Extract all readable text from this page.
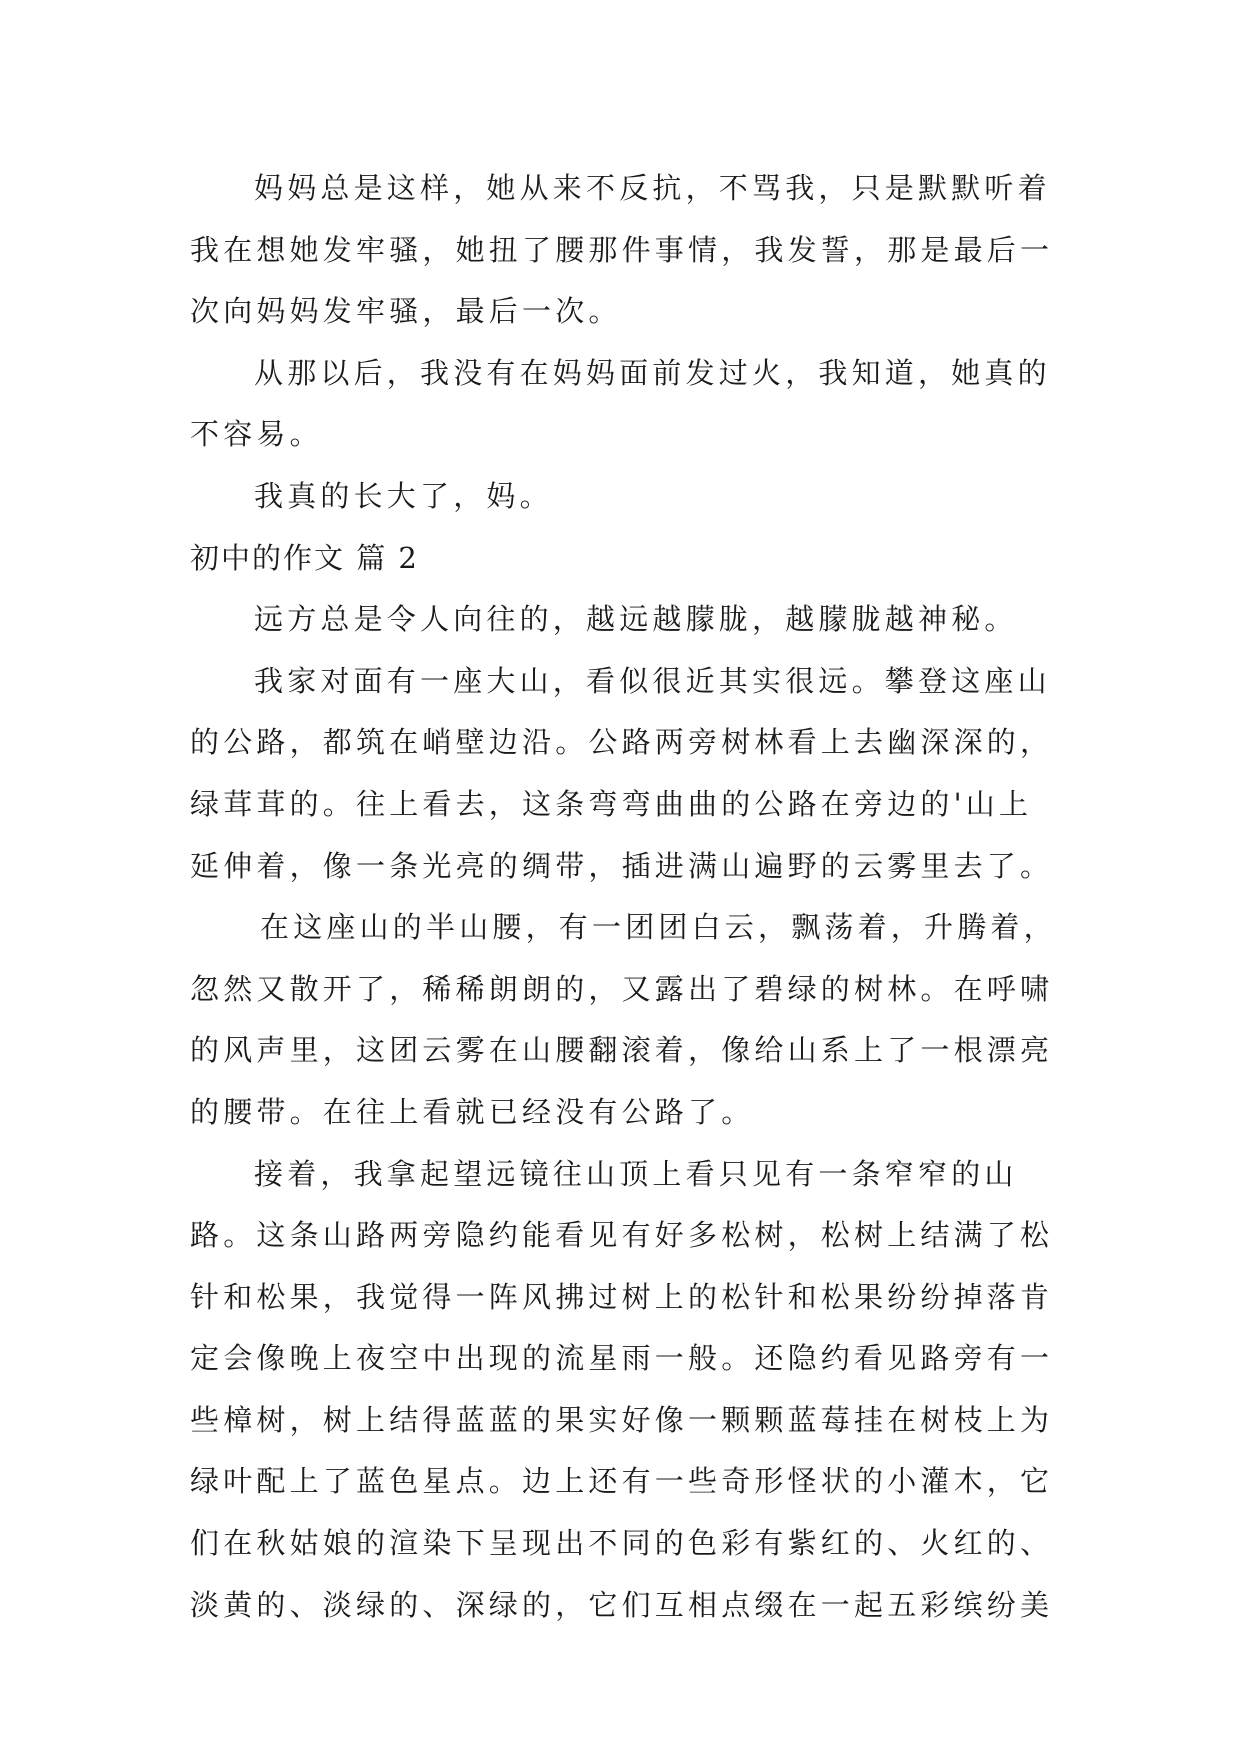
妈妈总是这样，她从来不反抗，不骂我，只是默默听着
我在想她发牢骚，她扭了腰那件事情，我发誓，那是最后一
次向妈妈发牢骚，最后一次。
从那以后，我没有在妈妈面前发过火，我知道，她真的
不容易。
我真的长大了，妈。
初中的作文 篇 2
远方总是令人向往的，越远越朦胧，越朦胧越神秘。
我家对面有一座大山，看似很近其实很远。攀登这座山
的公路，都筑在峭壁边沿。公路两旁树林看上去幽深深的，
绿茸茸的。往上看去，这条弯弯曲曲的公路在旁边的'山上
延伸着，像一条光亮的绸带，插进满山遍野的云雾里去了。
在这座山的半山腰，有一团团白云，飘荡着，升腾着，
忽然又散开了，稀稀朗朗的，又露出了碧绿的树林。在呼啸
的风声里，这团云雾在山腰翻滚着，像给山系上了一根漂亮
的腰带。在往上看就已经没有公路了。
接着，我拿起望远镜往山顶上看只见有一条窄窄的山
路。这条山路两旁隐约能看见有好多松树，松树上结满了松
针和松果，我觉得一阵风拂过树上的松针和松果纷纷掉落肯
定会像晚上夜空中出现的流星雨一般。还隐约看见路旁有一
些樟树，树上结得蓝蓝的果实好像一颗颗蓝莓挂在树枝上为
绿叶配上了蓝色星点。边上还有一些奇形怪状的小灌木，它
们在秋姑娘的渲染下呈现出不同的色彩有紫红的、火红的、
淡黄的、淡绿的、深绿的，它们互相点缀在一起五彩缤纷美
